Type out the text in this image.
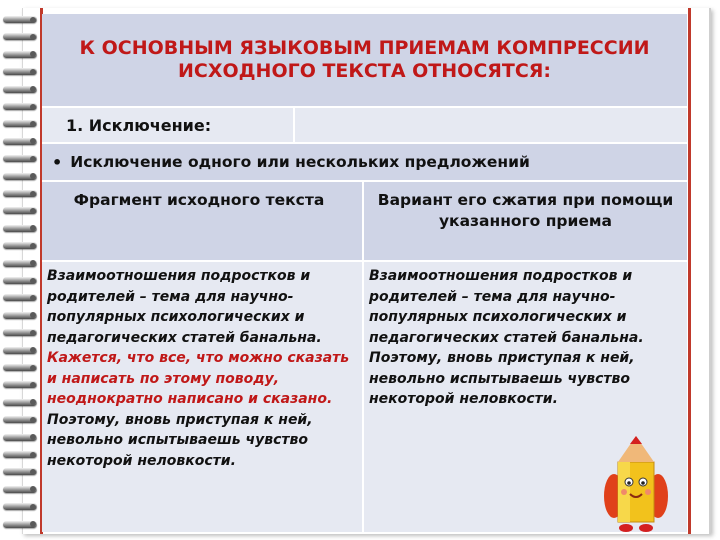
К ОСНОВНЫМ ЯЗЫКОВЫМ ПРИЕМАМ КОМПРЕССИИ ИСХОДНОГО ТЕКСТА ОТНОСЯТСЯ:
1. Исключение:
• Исключение одного или нескольких предложений
Фрагмент исходного текста	Вариант его сжатия при помощи указанного приема
Взаимоотношения подростков и родителей – тема для научно-популярных психологических и педагогических статей банальна. Кажется, что все, что можно сказать и написать по этому поводу, неоднократно написано и сказано. Поэтому, вновь приступая к ней, невольно испытываешь чувство некоторой неловкости.
Взаимоотношения подростков и родителей – тема для научно-популярных психологических и педагогических статей банальна. Поэтому, вновь приступая к ней, невольно испытываешь чувство некоторой неловкости.
